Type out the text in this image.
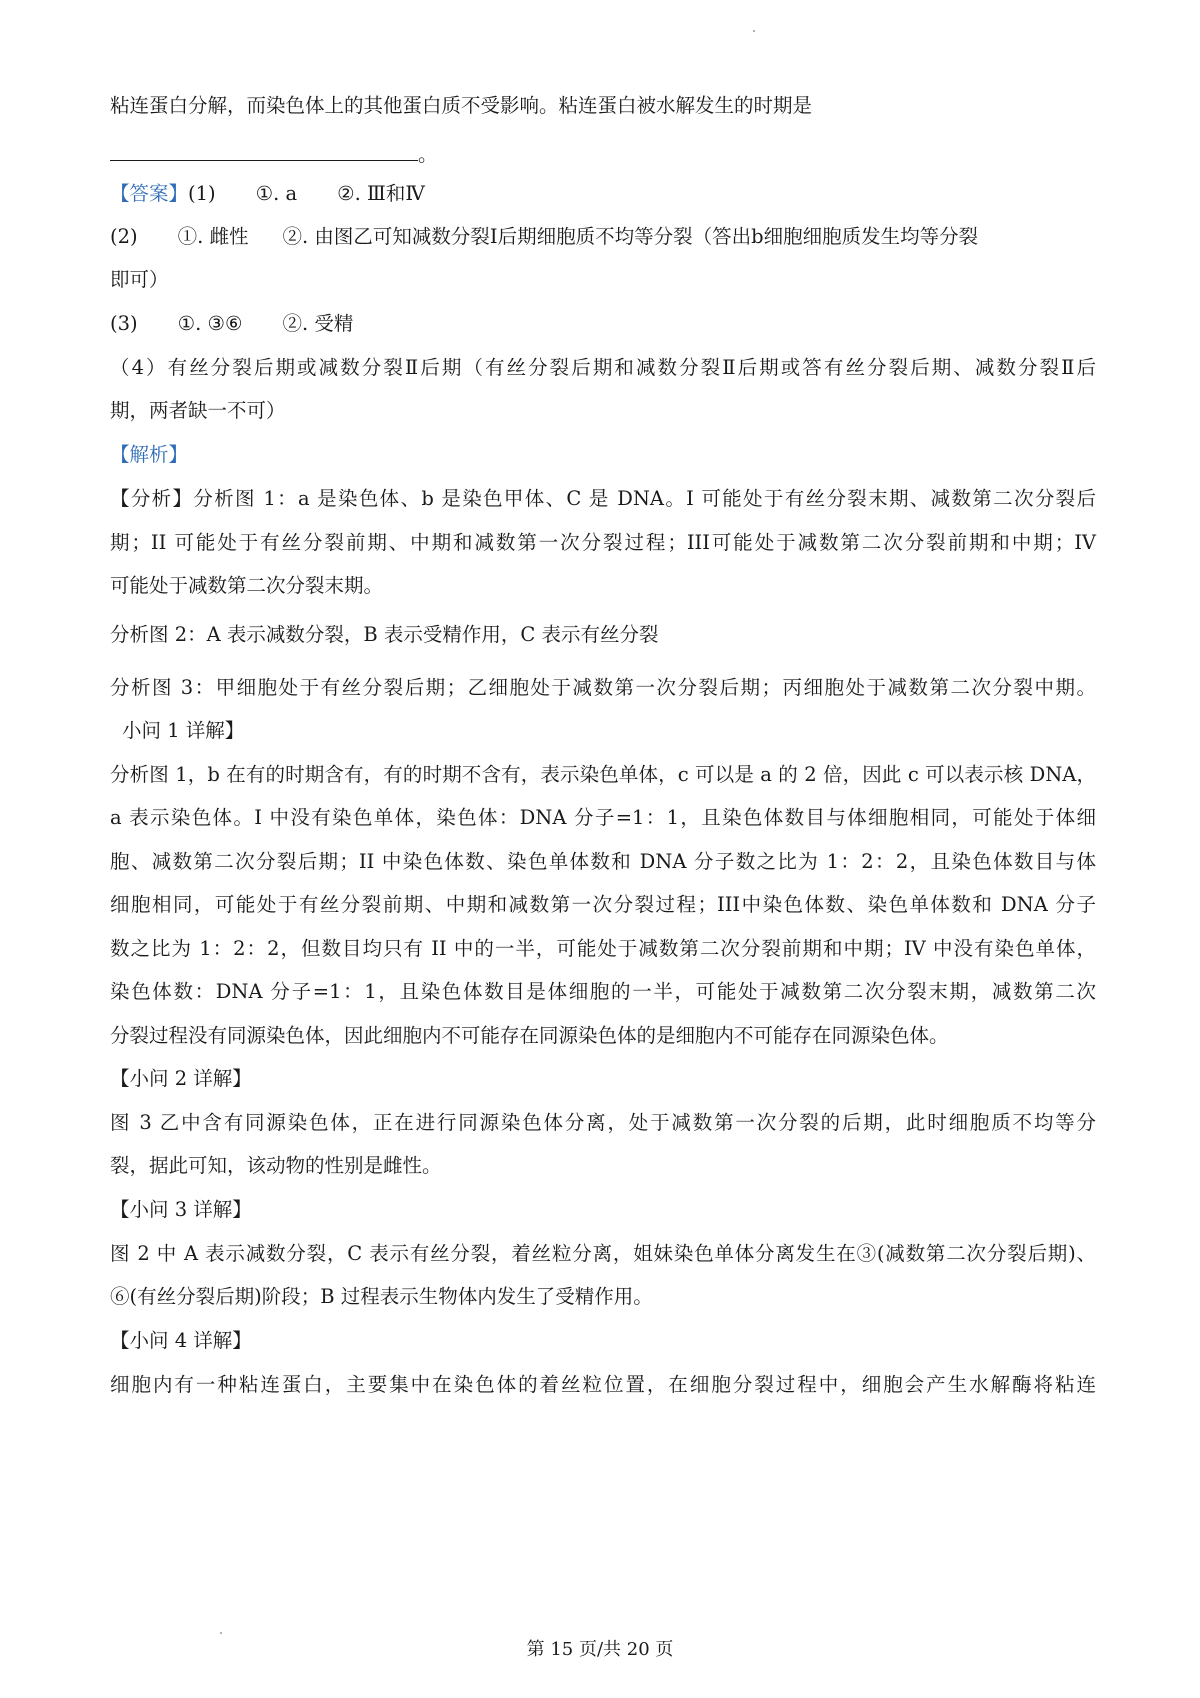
粘连蛋白分解，而染色体上的其他蛋白质不受影响。粘连蛋白被水解发生的时期是
。
【答案】(1) ①. a ②. Ⅲ和Ⅳ
(2) ①. 雌性 ②. 由图乙可知减数分裂Ⅰ后期细胞质不均等分裂（答出b细胞细胞质发生均等分裂
即可）
(3) ①. ③⑥ ②. 受精
（4）有丝分裂后期或减数分裂Ⅱ后期（有丝分裂后期和减数分裂Ⅱ后期或答有丝分裂后期、减数分裂Ⅱ后
期，两者缺一不可）
【解析】
【分析】分析图 1：a 是染色体、b 是染色甲体、C 是 DNA。I 可能处于有丝分裂末期、减数第二次分裂后
期；II 可能处于有丝分裂前期、中期和减数第一次分裂过程；III可能处于减数第二次分裂前期和中期；IV
可能处于减数第二次分裂末期。
分析图 2：A 表示减数分裂，B 表示受精作用，C 表示有丝分裂
分析图 3：甲细胞处于有丝分裂后期；乙细胞处于减数第一次分裂后期；丙细胞处于减数第二次分裂中期。
小问 1 详解】
分析图 1，b 在有的时期含有，有的时期不含有，表示染色单体，c 可以是 a 的 2 倍，因此 c 可以表示核 DNA，
a 表示染色体。I 中没有染色单体，染色体：DNA 分子=1：1，且染色体数目与体细胞相同，可能处于体细
胞、减数第二次分裂后期；II 中染色体数、染色单体数和 DNA 分子数之比为 1：2：2，且染色体数目与体
细胞相同，可能处于有丝分裂前期、中期和减数第一次分裂过程；III中染色体数、染色单体数和 DNA 分子
数之比为 1：2：2，但数目均只有 II 中的一半，可能处于减数第二次分裂前期和中期；IV 中没有染色单体，
染色体数：DNA 分子=1：1，且染色体数目是体细胞的一半，可能处于减数第二次分裂末期，减数第二次
分裂过程没有同源染色体，因此细胞内不可能存在同源染色体的是细胞内不可能存在同源染色体。
【小问 2 详解】
图 3 乙中含有同源染色体，正在进行同源染色体分离，处于减数第一次分裂的后期，此时细胞质不均等分
裂，据此可知，该动物的性别是雌性。
【小问 3 详解】
图 2 中 A 表示减数分裂，C 表示有丝分裂，着丝粒分离，姐妹染色单体分离发生在③(减数第二次分裂后期)、
⑥(有丝分裂后期)阶段；B 过程表示生物体内发生了受精作用。
【小问 4 详解】
细胞内有一种粘连蛋白，主要集中在染色体的着丝粒位置，在细胞分裂过程中，细胞会产生水解酶将粘连
第 15 页/共 20 页
